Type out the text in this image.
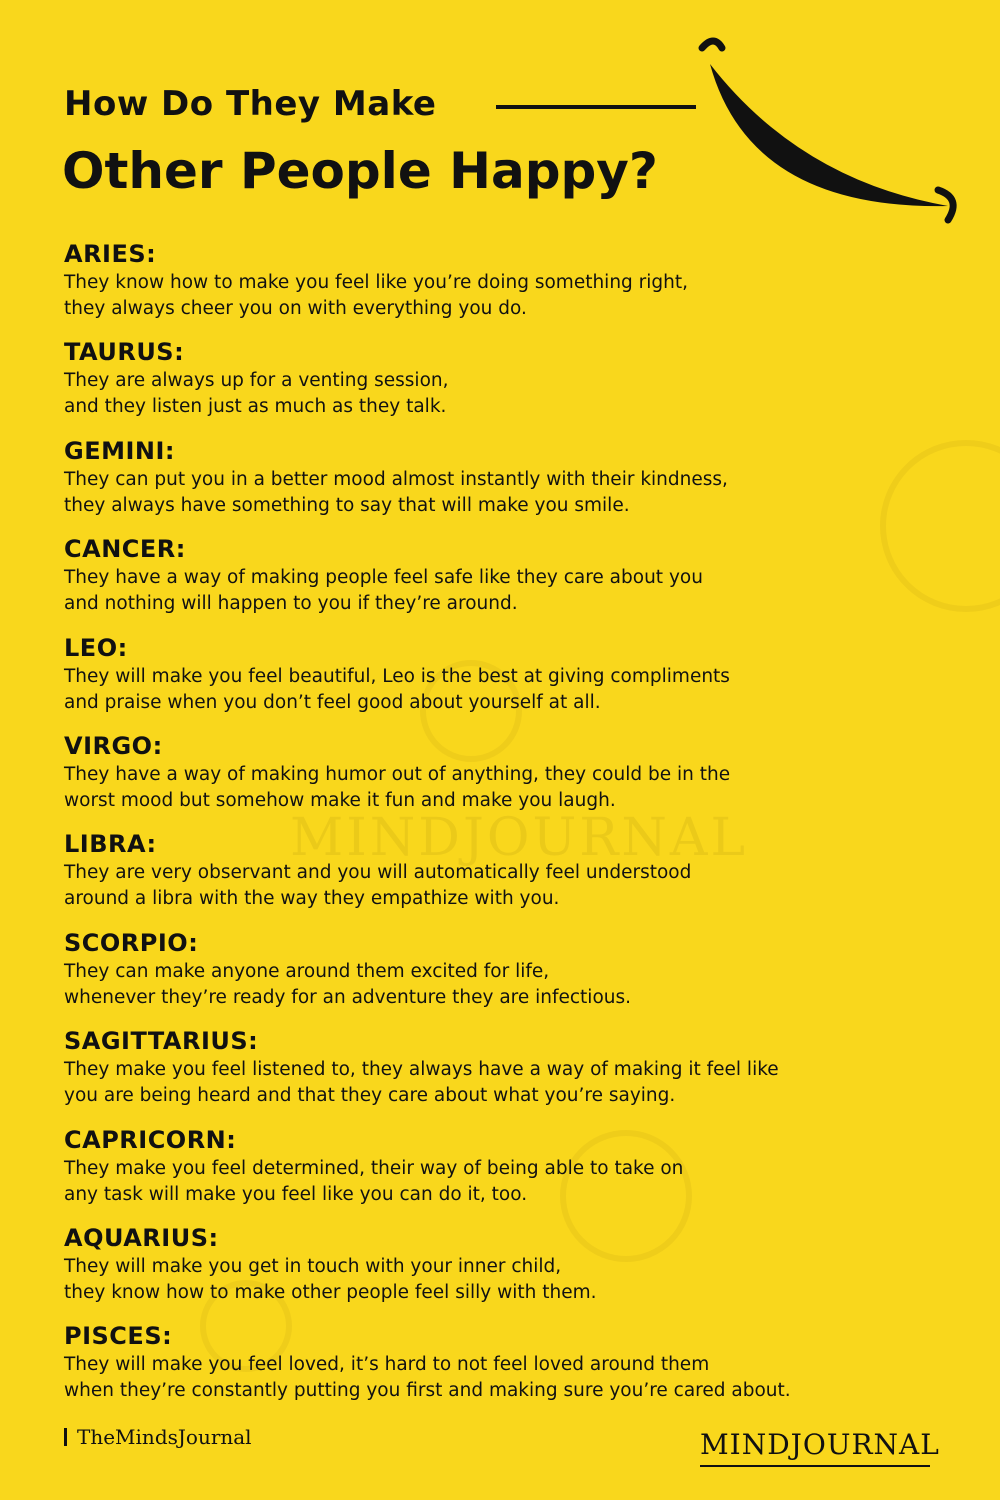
How Do They Make
Other People Happy?
MINDJOURNAL
ARIES:
They know how to make you feel like you’re doing something right,
they always cheer you on with everything you do.
TAURUS:
They are always up for a venting session,
and they listen just as much as they talk.
GEMINI:
They can put you in a better mood almost instantly with their kindness,
they always have something to say that will make you smile.
CANCER:
They have a way of making people feel safe like they care about you
and nothing will happen to you if they’re around.
LEO:
They will make you feel beautiful, Leo is the best at giving compliments
and praise when you don’t feel good about yourself at all.
VIRGO:
They have a way of making humor out of anything, they could be in the
worst mood but somehow make it fun and make you laugh.
LIBRA:
They are very observant and you will automatically feel understood
around a libra with the way they empathize with you.
SCORPIO:
They can make anyone around them excited for life,
whenever they’re ready for an adventure they are infectious.
SAGITTARIUS:
They make you feel listened to, they always have a way of making it feel like
you are being heard and that they care about what you’re saying.
CAPRICORN:
They make you feel determined, their way of being able to take on
any task will make you feel like you can do it, too.
AQUARIUS:
They will make you get in touch with your inner child,
they know how to make other people feel silly with them.
PISCES:
They will make you feel loved, it’s hard to not feel loved around them
when they’re constantly putting you first and making sure you’re cared about.
TheMindsJournal	MINDJOURNAL
